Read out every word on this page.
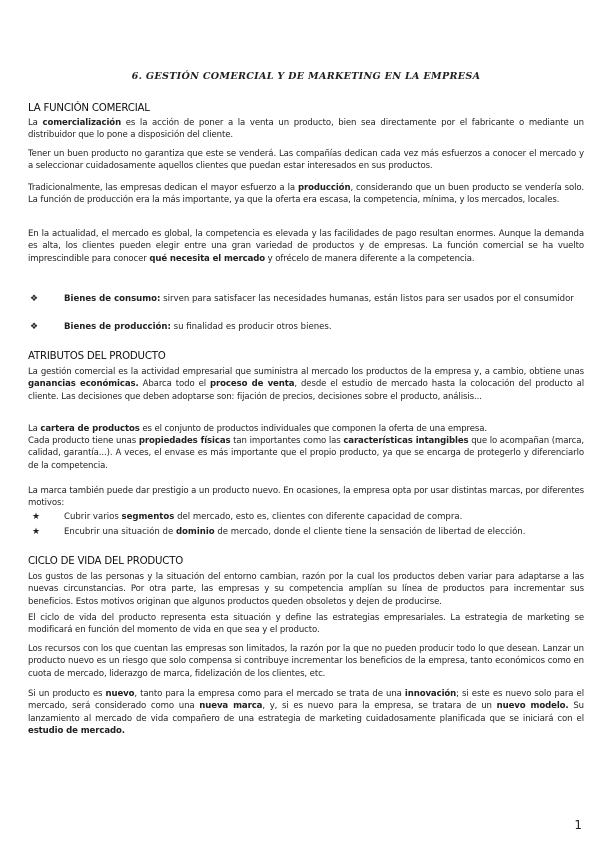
6. GESTIÓN COMERCIAL Y DE MARKETING EN LA EMPRESA
LA FUNCIÓN COMERCIAL
La comercialización es la acción de poner a la venta un producto, bien sea directamente por el fabricante o mediante un distribuidor que lo pone a disposición del cliente.
Tener un buen producto no garantiza que este se venderá. Las compañías dedican cada vez más esfuerzos a conocer el mercado y a seleccionar cuidadosamente aquellos clientes que puedan estar interesados en sus productos.
Tradicionalmente, las empresas dedican el mayor esfuerzo a la producción, considerando que un buen producto se vendería solo. La función de producción era la más importante, ya que la oferta era escasa, la competencia, mínima, y los mercados, locales.
En la actualidad, el mercado es global, la competencia es elevada y las facilidades de pago resultan enormes. Aunque la demanda es alta, los clientes pueden elegir entre una gran variedad de productos y de empresas. La función comercial se ha vuelto imprescindible para conocer qué necesita el mercado y ofrécelo de manera diferente a la competencia.
❖	Bienes de consumo: sirven para satisfacer las necesidades humanas, están listos para ser usados por el consumidor
❖	Bienes de producción: su finalidad es producir otros bienes.
ATRIBUTOS DEL PRODUCTO
La gestión comercial es la actividad empresarial que suministra al mercado los productos de la empresa y, a cambio, obtiene unas ganancias económicas. Abarca todo el proceso de venta, desde el estudio de mercado hasta la colocación del producto al cliente. Las decisiones que deben adoptarse son: fijación de precios, decisiones sobre el producto, análisis...
La cartera de productos es el conjunto de productos individuales que componen la oferta de una empresa.
Cada producto tiene unas propiedades físicas tan importantes como las características intangibles que lo acompañan (marca, calidad, garantía...). A veces, el envase es más importante que el propio producto, ya que se encarga de protegerlo y diferenciarlo de la competencia.
La marca también puede dar prestigio a un producto nuevo. En ocasiones, la empresa opta por usar distintas marcas, por diferentes motivos:
★	Cubrir varios segmentos del mercado, esto es, clientes con diferente capacidad de compra.
★	Encubrir una situación de dominio de mercado, donde el cliente tiene la sensación de libertad de elección.
CICLO DE VIDA DEL PRODUCTO
Los gustos de las personas y la situación del entorno cambian, razón por la cual los productos deben variar para adaptarse a las nuevas circunstancias. Por otra parte, las empresas y su competencia amplían su línea de productos para incrementar sus beneficios. Estos motivos originan que algunos productos queden obsoletos y dejen de producirse.
El ciclo de vida del producto representa esta situación y define las estrategias empresariales. La estrategia de marketing se modificará en función del momento de vida en que sea y el producto.
Los recursos con los que cuentan las empresas son limitados, la razón por la que no pueden producir todo lo que desean. Lanzar un producto nuevo es un riesgo que solo compensa si contribuye incrementar los beneficios de la empresa, tanto económicos como en cuota de mercado, liderazgo de marca, fidelización de los clientes, etc.
Si un producto es nuevo, tanto para la empresa como para el mercado se trata de una innovación; si este es nuevo solo para el mercado, será considerado como una nueva marca, y, si es nuevo para la empresa, se tratara de un nuevo modelo. Su lanzamiento al mercado de vida compañero de una estrategia de marketing cuidadosamente planificada que se iniciará con el estudio de mercado.
1
